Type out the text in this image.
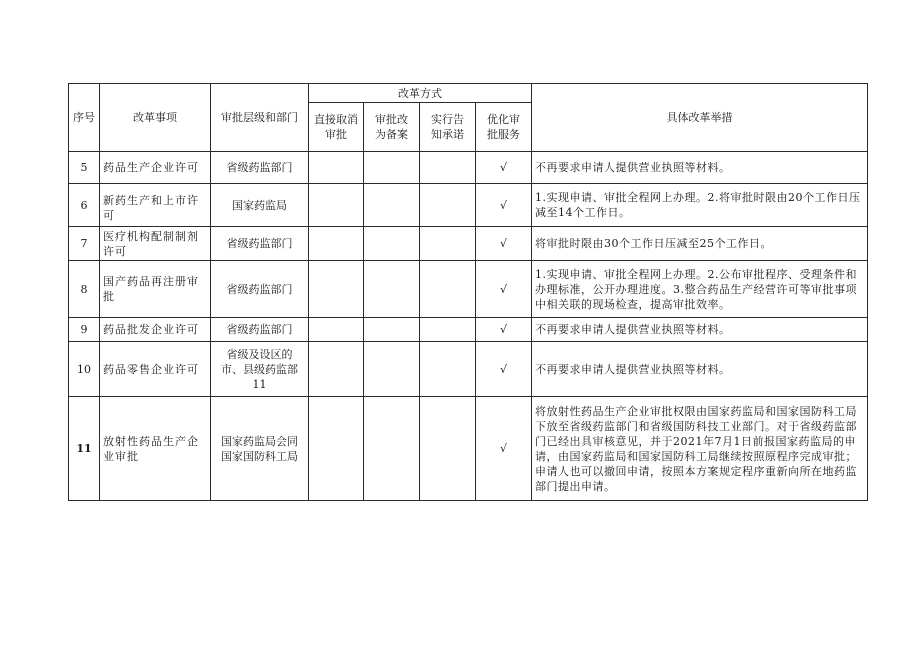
序号	改革事项	审批层级和部门	改革方式				具体改革举措
			直接取消审批	审批改为备案	实行告知承诺	优化审批服务	
5	药品生产企业许可	省级药监部门				√	不再要求申请人提供营业执照等材料。
6	新药生产和上市许可	国家药监局				√	1.实现申请、审批全程网上办理。2.将审批时限由20个工作日压减至14个工作日。
7	医疗机构配制制剂许可	省级药监部门				√	将审批时限由30个工作日压减至25个工作日。
8	国产药品再注册审批	省级药监部门				√	1.实现申请、审批全程网上办理。2.公布审批程序、受理条件和办理标准，公开办理进度。3.整合药品生产经营许可等审批事项中相关联的现场检查，提高审批效率。
9	药品批发企业许可	省级药监部门				√	不再要求申请人提供营业执照等材料。
10	药品零售企业许可	省级及设区的市、县级药监部11				√	不再要求申请人提供营业执照等材料。
11	放射性药品生产企业审批	国家药监局会同国家国防科工局				√	将放射性药品生产企业审批权限由国家药监局和国家国防科工局下放至省级药监部门和省级国防科技工业部门。对于省级药监部门已经出具审核意见，并于2021年7月1日前报国家药监局的申请，由国家药监局和国家国防科工局继续按照原程序完成审批；申请人也可以撤回申请，按照本方案规定程序重新向所在地药监部门提出申请。
